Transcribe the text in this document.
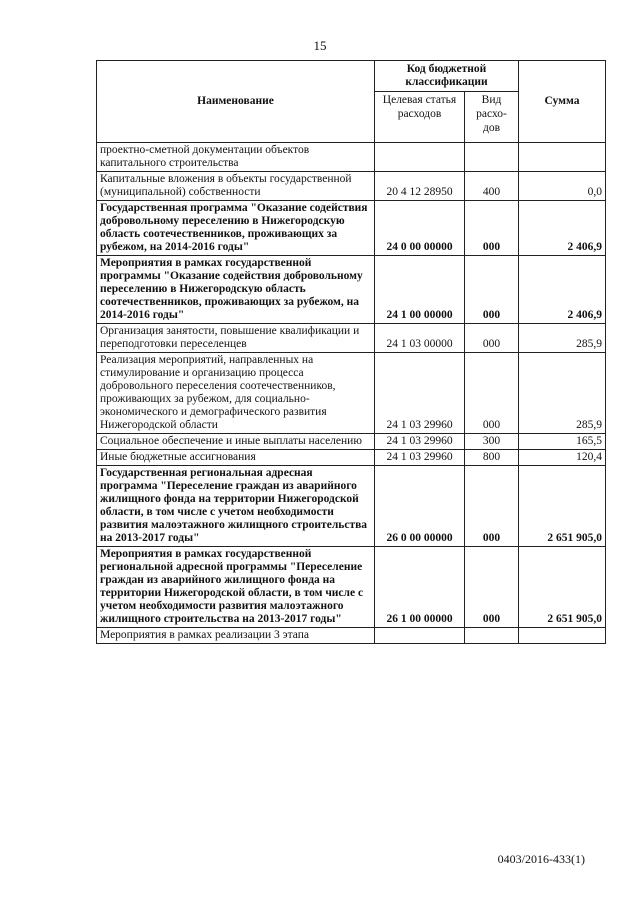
15
Наименование	Код бюджетной классификации		Сумма
	Целевая статья расходов	Вид расхо-дов	
проектно-сметной документации объектов капитального строительства			
Капитальные вложения в объекты государственной (муниципальной) собственности	20 4 12 28950	400	0,0
Государственная программа "Оказание содействия добровольному переселению в Нижегородскую область соотечественников, проживающих за рубежом, на 2014-2016 годы"	24 0 00 00000	000	2 406,9
Мероприятия в рамках государственной программы "Оказание содействия добровольному переселению в Нижегородскую область соотечественников, проживающих за рубежом, на 2014-2016 годы"	24 1 00 00000	000	2 406,9
Организация занятости, повышение квалификации и переподготовки переселенцев	24 1 03 00000	000	285,9
Реализация мероприятий, направленных на стимулирование и организацию процесса добровольного переселения соотечественников, проживающих за рубежом, для социально-экономического и демографического развития Нижегородской области	24 1 03 29960	000	285,9
Социальное обеспечение и иные выплаты населению	24 1 03 29960	300	165,5
Иные бюджетные ассигнования	24 1 03 29960	800	120,4
Государственная региональная адресная программа "Переселение граждан из аварийного жилищного фонда на территории Нижегородской области, в том числе с учетом необходимости развития малоэтажного жилищного строительства на 2013-2017 годы"	26 0 00 00000	000	2 651 905,0
Мероприятия в рамках государственной региональной адресной программы "Переселение граждан из аварийного жилищного фонда на территории Нижегородской области, в том числе с учетом необходимости развития малоэтажного жилищного строительства на 2013-2017 годы"	26 1 00 00000	000	2 651 905,0
Мероприятия в рамках реализации 3 этапа			
0403/2016-433(1)
